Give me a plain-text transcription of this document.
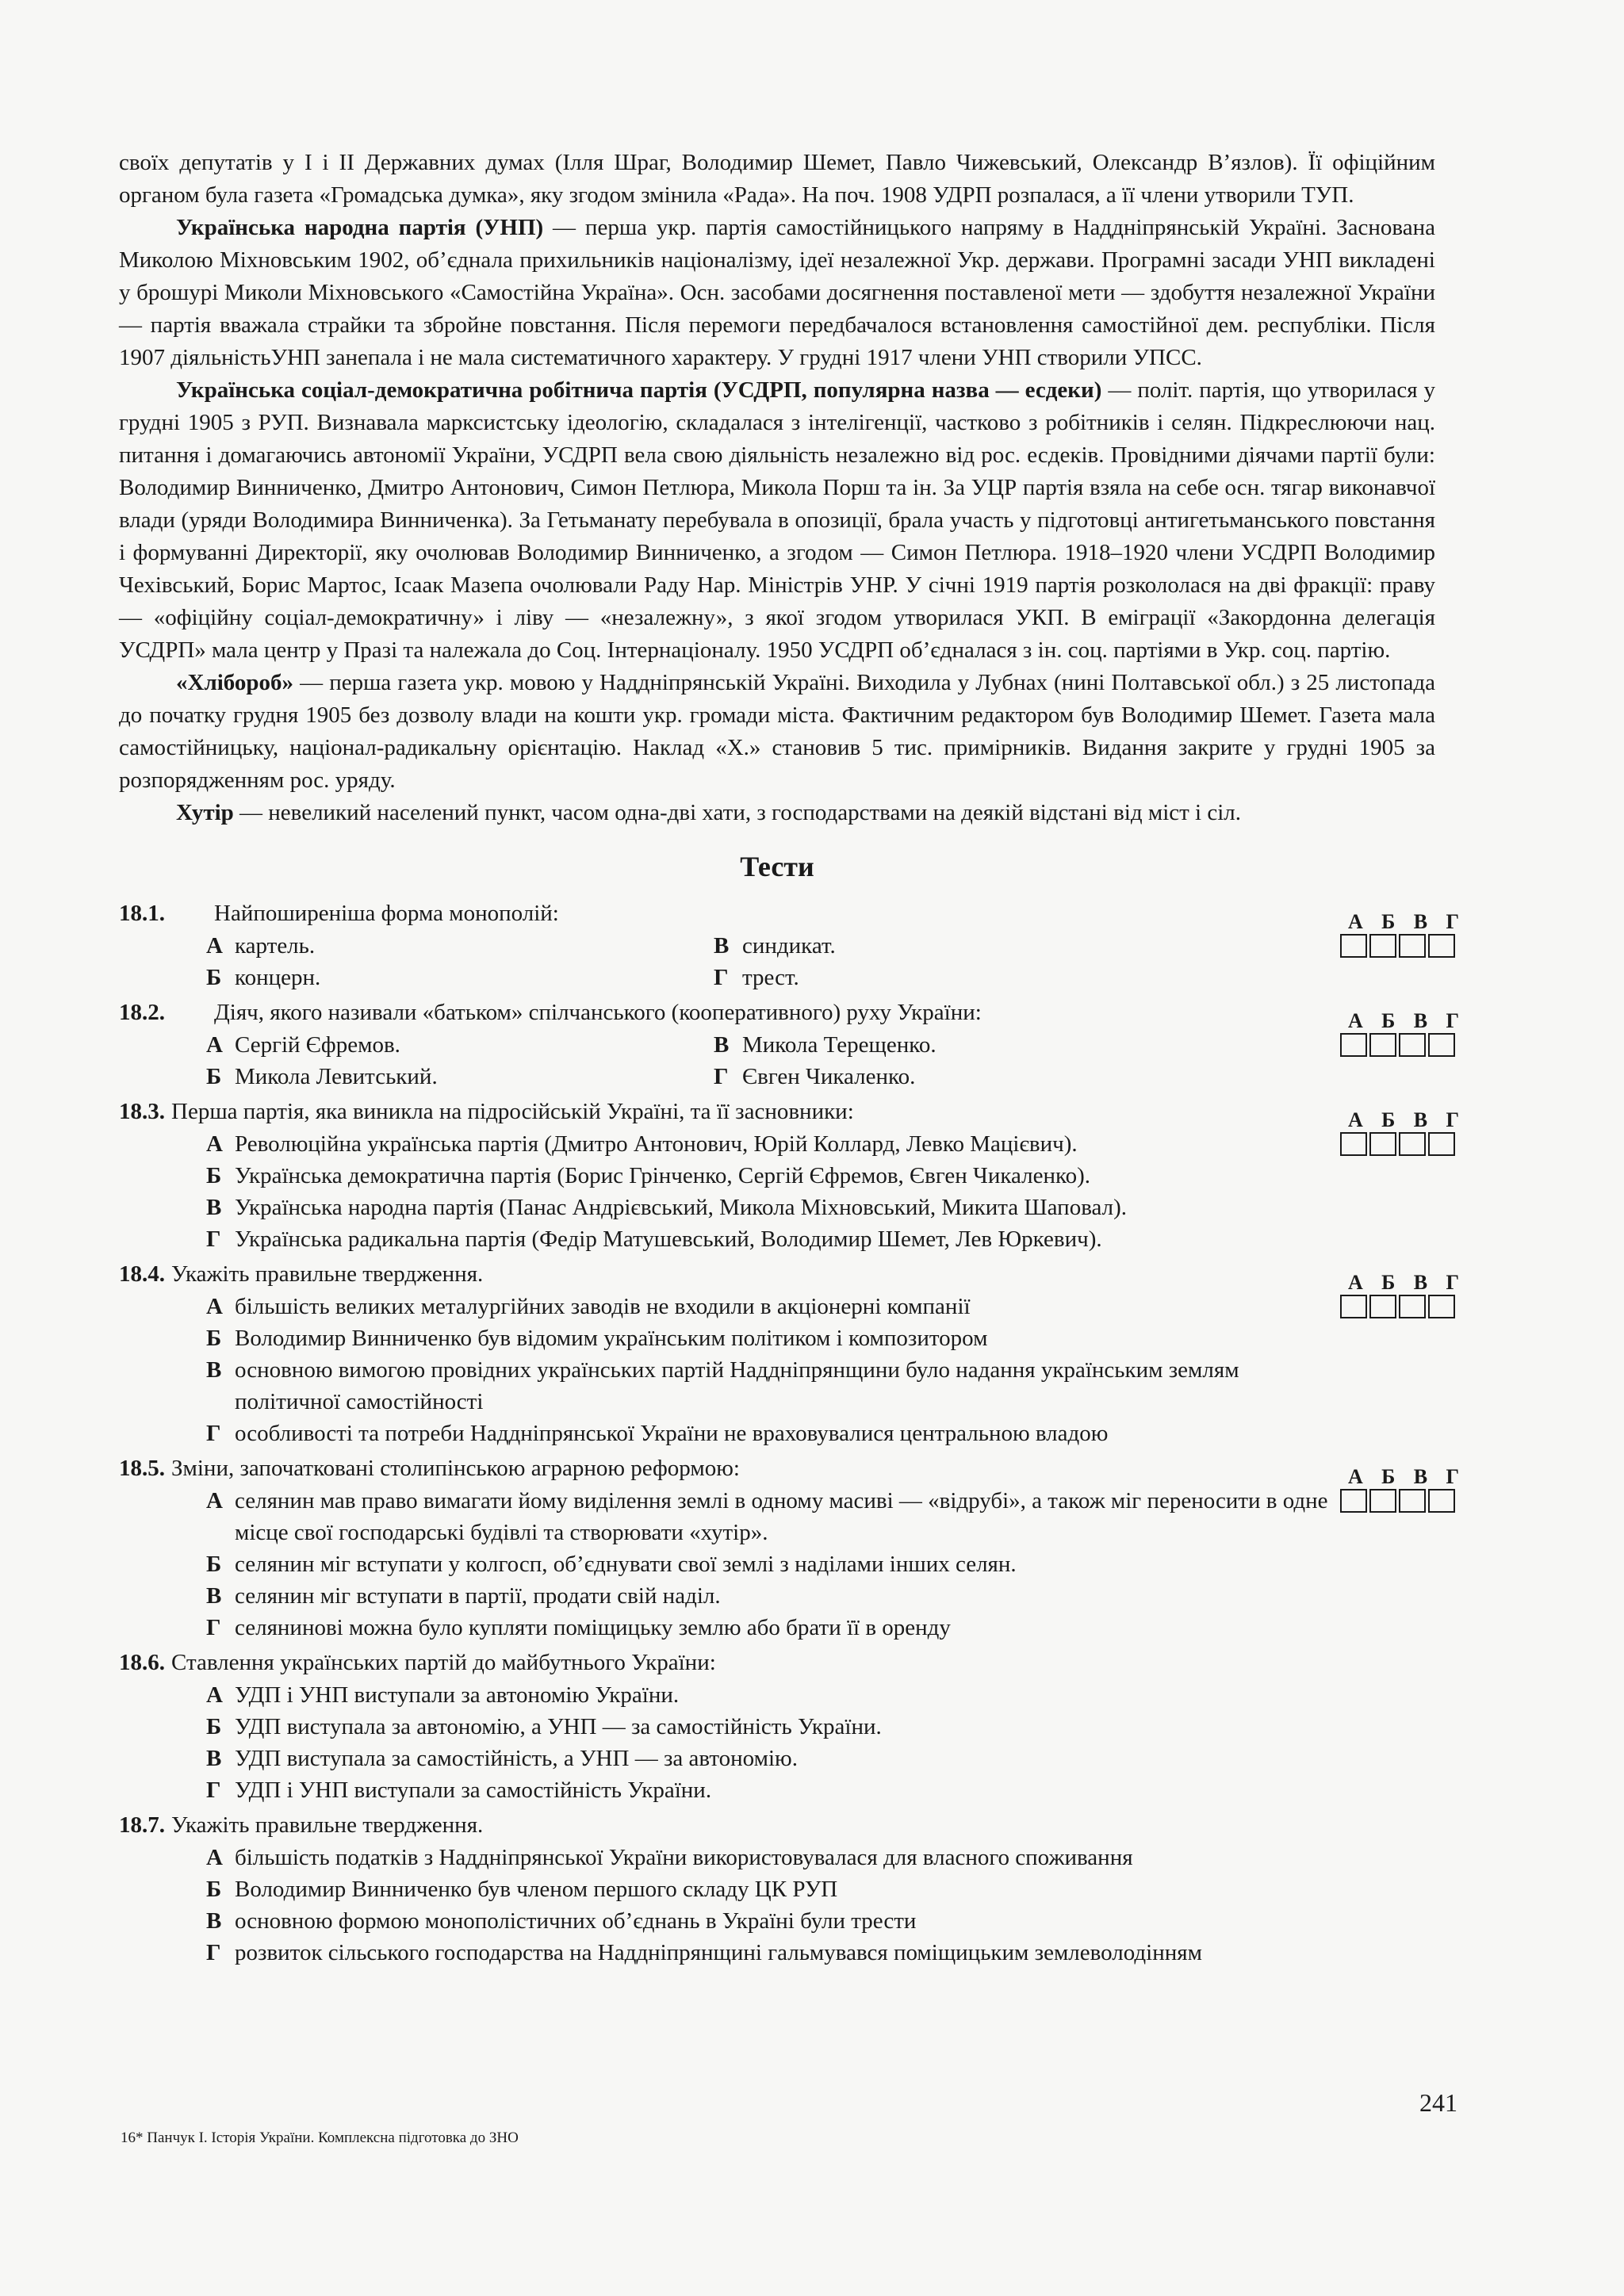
своїх депутатів у І і ІІ Державних думах (Ілля Шраг, Володимир Шемет, Павло Чижевський, Олександр В’язлов). Її офіційним органом була газета «Громадська думка», яку згодом змінила «Рада». На поч. 1908 УДРП розпалася, а її члени утворили ТУП.

Українська народна партія (УНП) — перша укр. партія самостійницького напряму в Наддніпрянській Україні. Заснована Миколою Міхновським 1902, об’єднала прихильників націоналізму, ідеї незалежної Укр. держави. Програмні засади УНП викладені у брошурі Миколи Міхновського «Самостійна Україна». Осн. засобами досягнення поставленої мети — здобуття незалежної України — партія вважала страйки та збройне повстання. Після перемоги передбачалося встановлення самостійної дем. республіки. Після 1907 діяльністьУНП занепала і не мала систематичного характеру. У грудні 1917 члени УНП створили УПСС.

Українська соціал-демократична робітнича партія (УСДРП, популярна назва — есдеки) — політ. партія, що утворилася у грудні 1905 з РУП. Визнавала марксистську ідеологію, складалася з інтелігенції, частково з робітників і селян. Підкреслюючи нац. питання і домагаючись автономії України, УСДРП вела свою діяльність незалежно від рос. есдеків. Провідними діячами партії були: Володимир Винниченко, Дмитро Антонович, Симон Петлюра, Микола Порш та ін. За УЦР партія взяла на себе осн. тягар виконавчої влади (уряди Володимира Винниченка). За Гетьманату перебувала в опозиції, брала участь у підготовці антигетьманського повстання і формуванні Директорії, яку очолював Володимир Винниченко, а згодом — Симон Петлюра. 1918–1920 члени УСДРП Володимир Чехівський, Борис Мартос, Ісаак Мазепа очолювали Раду Нар. Міністрів УНР. У січні 1919 партія розкололася на дві фракції: праву — «офіційну соціал-демократичну» і ліву — «незалежну», з якої згодом утворилася УКП. В еміграції «Закордонна делегація УСДРП» мала центр у Празі та належала до Соц. Інтернаціоналу. 1950 УСДРП об’єдналася з ін. соц. партіями в Укр. соц. партію.

«Хлібороб» — перша газета укр. мовою у Наддніпрянській Україні. Виходила у Лубнах (нині Полтавської обл.) з 25 листопада до початку грудня 1905 без дозволу влади на кошти укр. громади міста. Фактичним редактором був Володимир Шемет. Газета мала самостійницьку, націонал-радикальну орієнтацію. Наклад «Х.» становив 5 тис. примірників. Видання закрите у грудні 1905 за розпорядженням рос. уряду.

Хутір — невеликий населений пункт, часом одна-дві хати, з господарствами на деякій відстані від міст і сіл.

Тести
18.1. Найпоширеніша форма монополій:
А картель.	В синдикат.
Б концерн.	Г трест.
А Б В Г
18.2. Діяч, якого називали «батьком» спілчанського (кооперативного) руху України:
А Сергій Єфремов.	В Микола Терещенко.
Б Микола Левитський.	Г Євген Чикаленко.
А Б В Г
18.3. Перша партія, яка виникла на підросійській Україні, та її засновники:
А Революційна українська партія (Дмитро Антонович, Юрій Коллард, Левко Мацієвич).
Б Українська демократична партія (Борис Грінченко, Сергій Єфремов, Євген Чикаленко).
В Українська народна партія (Панас Андрієвський, Микола Міхновський, Микита Шаповал).
Г Українська радикальна партія (Федір Матушевський, Володимир Шемет, Лев Юркевич).
А Б В Г
18.4. Укажіть правильне твердження.
А більшість великих металургійних заводів не входили в акціонерні компанії
Б Володимир Винниченко був відомим українським політиком і композитором
В основною вимогою провідних українських партій Наддніпрянщини було надання українським землям політичної самостійності
Г особливості та потреби Наддніпрянської України не враховувалися центральною владою
А Б В Г
18.5. Зміни, започатковані столипінською аграрною реформою:
А селянин мав право вимагати йому виділення землі в одному масиві — «відрубі», а також міг переносити в одне місце свої господарські будівлі та створювати «хутір».
Б селянин міг вступати у колгосп, об’єднувати свої землі з наділами інших селян.
В селянин міг вступати в партії, продати свій наділ.
Г селянинові можна було купляти поміщицьку землю або брати її в оренду
А Б В Г
18.6. Ставлення українських партій до майбутнього України:
А УДП і УНП виступали за автономію України.
Б УДП виступала за автономію, а УНП — за самостійність України.
В УДП виступала за самостійність, а УНП — за автономію.
Г УДП і УНП виступали за самостійність України.
18.7. Укажіть правильне твердження.
А більшість податків з Наддніпрянської України використовувалася для власного споживання
Б Володимир Винниченко був членом першого складу ЦК РУП
В основною формою монополістичних об’єднань в Україні були трести
Г розвиток сільського господарства на Наддніпрянщині гальмувався поміщицьким землеволодінням
241
16* Панчук І. Історія України. Комплексна підготовка до ЗНО
